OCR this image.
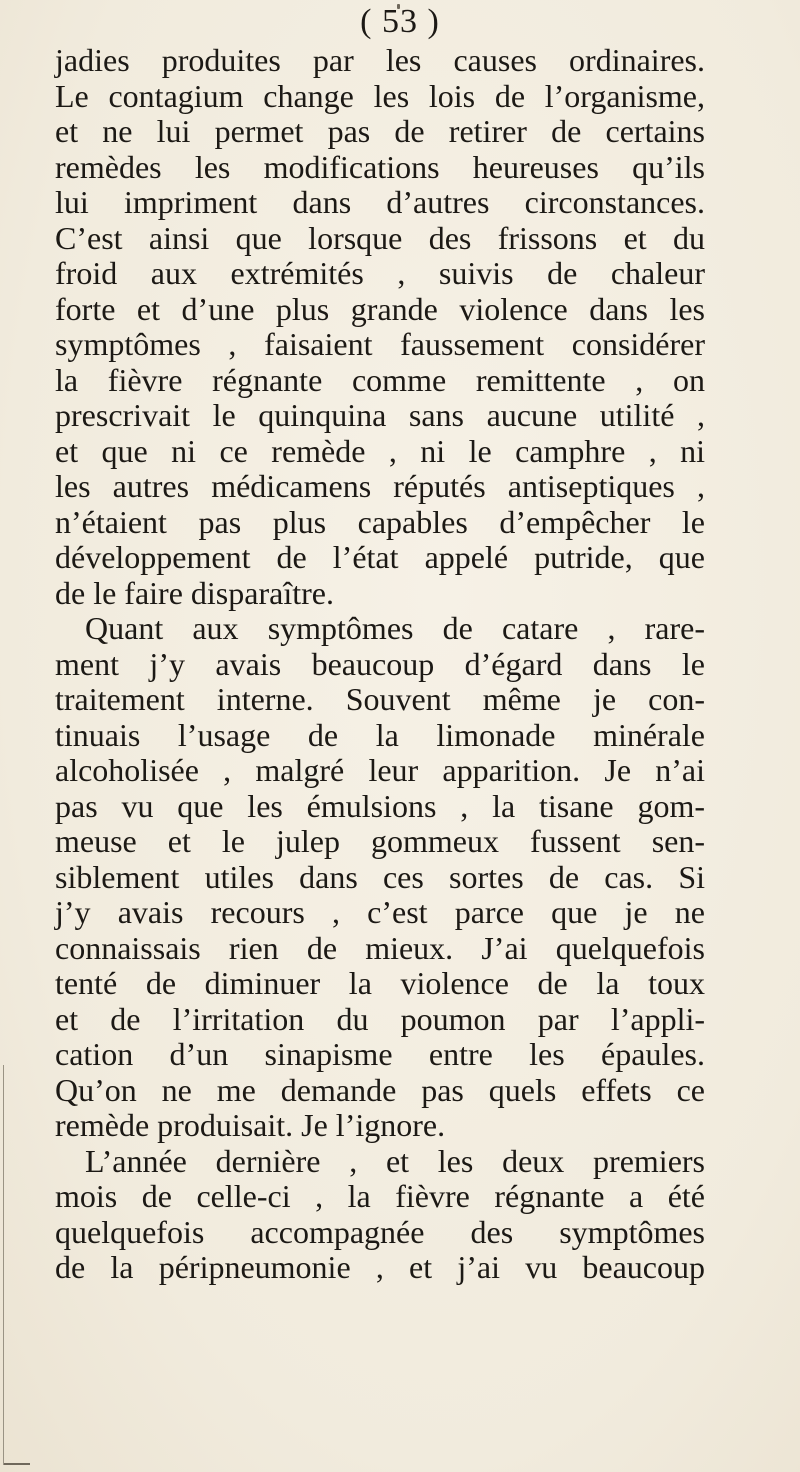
( 53 )
jadies produites par les causes ordinaires.
Le contagium change les lois de l’organisme,
et ne lui permet pas de retirer de certains
remèdes les modifications heureuses qu’ils
lui impriment dans d’autres circonstances.
C’est ainsi que lorsque des frissons et du
froid aux extrémités , suivis de chaleur
forte et d’une plus grande violence dans les
symptômes , faisaient faussement considérer
la fièvre régnante comme remittente , on
prescrivait le quinquina sans aucune utilité ,
et que ni ce remède , ni le camphre , ni
les autres médicamens réputés antiseptiques ,
n’étaient pas plus capables d’empêcher le
développement de l’état appelé putride, que
de le faire disparaître.
Quant aux symptômes de catare , rare-
ment j’y avais beaucoup d’égard dans le
traitement interne. Souvent même je con-
tinuais l’usage de la limonade minérale
alcoholisée , malgré leur apparition. Je n’ai
pas vu que les émulsions , la tisane gom-
meuse et le julep gommeux fussent sen-
siblement utiles dans ces sortes de cas. Si
j’y avais recours , c’est parce que je ne
connaissais rien de mieux. J’ai quelquefois
tenté de diminuer la violence de la toux
et de l’irritation du poumon par l’appli-
cation d’un sinapisme entre les épaules.
Qu’on ne me demande pas quels effets ce
remède produisait. Je l’ignore.
L’année dernière , et les deux premiers
mois de celle-ci , la fièvre régnante a été
quelquefois accompagnée des symptômes
de la péripneumonie , et j’ai vu beaucoup
